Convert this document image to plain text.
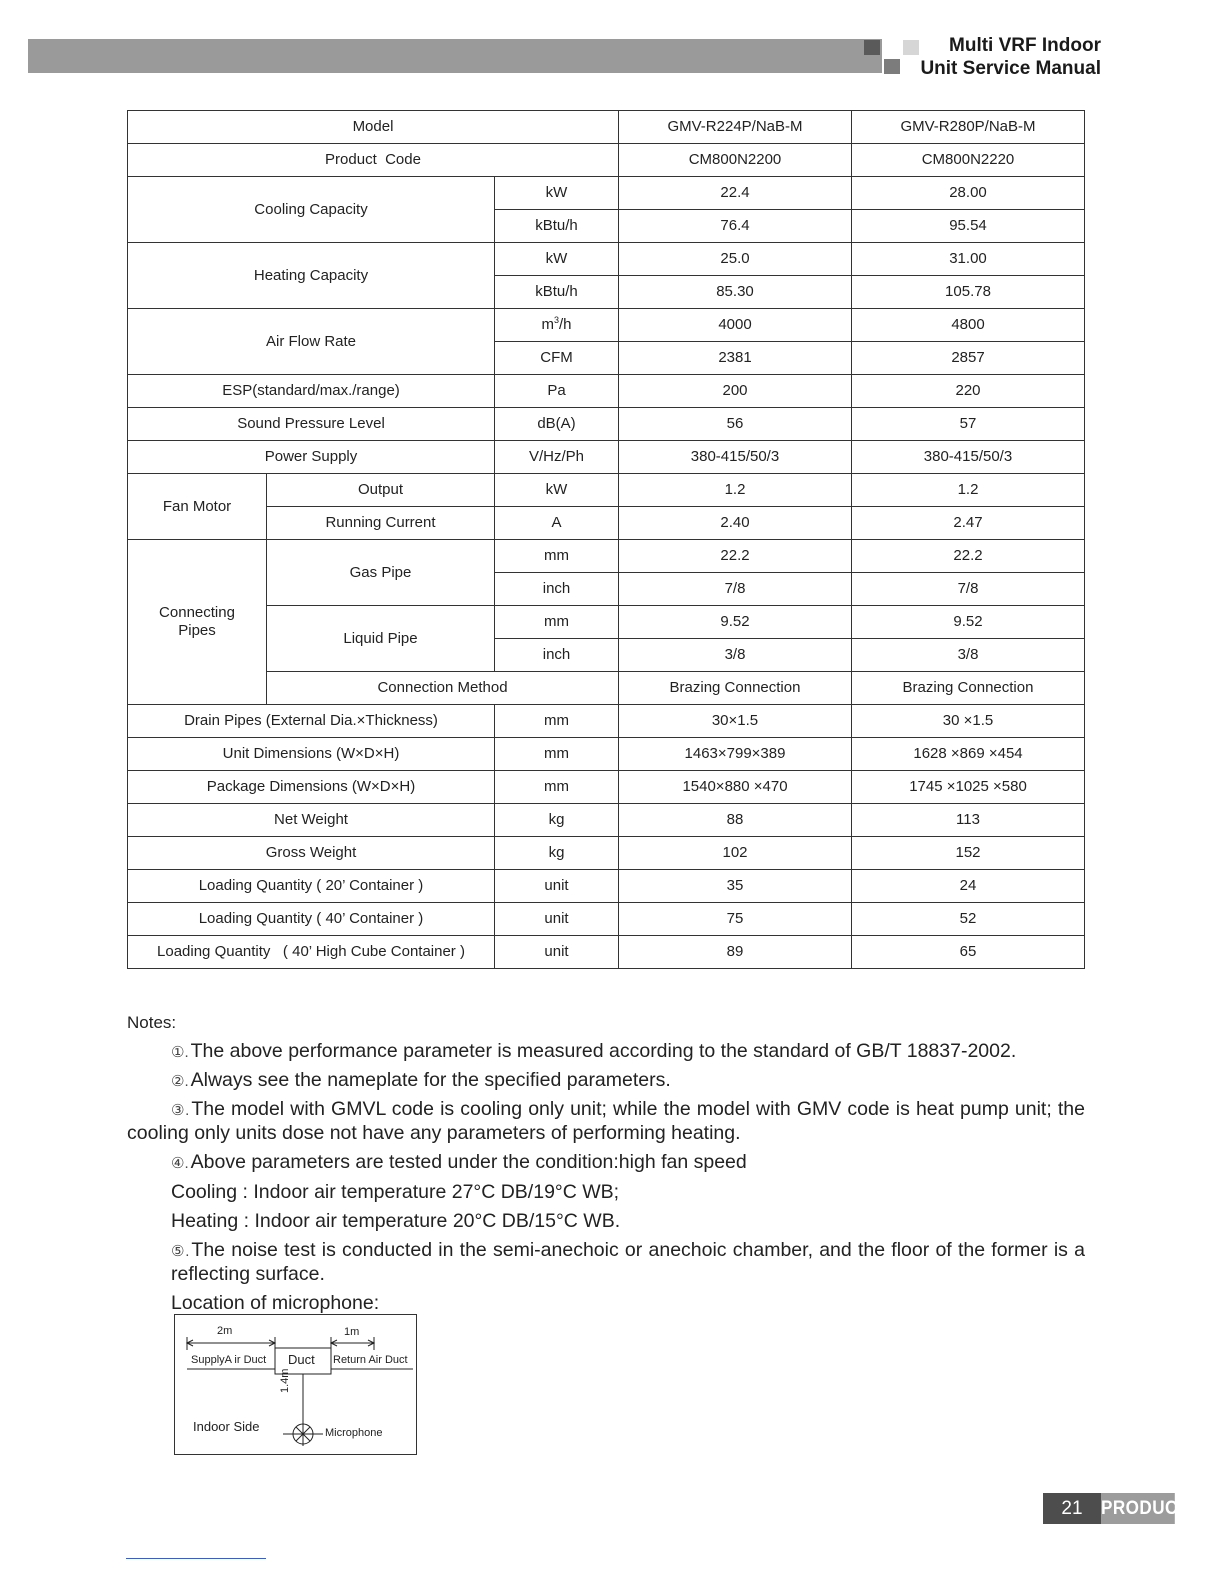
Multi VRF Indoor
Unit Service Manual
Model			GMV-R224P/NaB-M	GMV-R280P/NaB-M
Product  Code			CM800N2200	CM800N2220
Cooling Capacity		kW	22.4	28.00
		kBtu/h	76.4	95.54
Heating Capacity		kW	25.0	31.00
		kBtu/h	85.30	105.78
Air Flow Rate		$m^3/h$	4000	4800
		CFM	2381	2857
ESP(standard/max./range)		Pa	200	220
Sound Pressure Level		dB(A)	56	57
Power Supply		V/Hz/Ph	380-415/50/3	380-415/50/3
Fan Motor	Output	kW	1.2	1.2
	Running Current	A	2.40	2.47
Connecting
Pipes	Gas Pipe	mm	22.2	22.2
		inch	7/8	7/8
	Liquid Pipe	mm	9.52	9.52
		inch	3/8	3/8
	Connection Method		Brazing Connection	Brazing Connection
Drain Pipes (External Dia.×Thickness)		mm	30×1.5	30 ×1.5
Unit Dimensions (W×D×H)		mm	1463×799×389	1628 ×869 ×454
Package Dimensions (W×D×H)		mm	1540×880 ×470	1745 ×1025 ×580
Net Weight		kg	88	113
Gross Weight		kg	102	152
Loading Quantity ( 20’ Container )		unit	35	24
Loading Quantity ( 40’ Container )		unit	75	52
Loading Quantity   ( 40’ High Cube Container )		unit	89	65
Notes:
①. The above performance parameter is measured according to the standard of GB/T 18837-2002.
②. Always see the nameplate for the specified parameters.
③. The model with GMVL code is cooling only unit; while the model with GMV code is heat pump unit; the cooling only units dose not have any parameters of performing heating.
④. Above parameters are tested under the condition:high fan speed
Cooling : Indoor air temperature 27°C DB/19°C WB;
Heating : Indoor air temperature 20°C DB/15°C WB.
⑤. The noise test is conducted in the semi-anechoic or anechoic chamber, and the floor of the former is a reflecting surface.
Location of microphone:
2m	1m
SupplyA ir Duct Duct Return Air Duct
1.4m
Indoor Side	Microphone
21 PRODUCT
